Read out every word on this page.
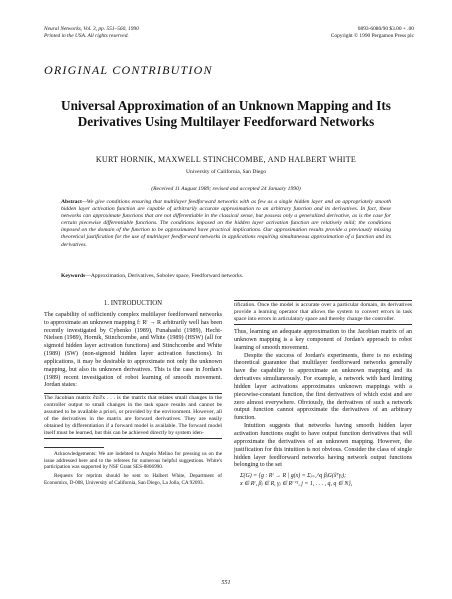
Neural Networks, Vol. 3, pp. 551–560, 1990
Printed in the USA. All rights reserved.
0893-6080/90 $3.00 + .00
Copyright © 1990 Pergamon Press plc
ORIGINAL CONTRIBUTION
Universal Approximation of an Unknown Mapping and Its
Derivatives Using Multilayer Feedforward Networks
KURT HORNIK, MAXWELL STINCHCOMBE, AND HALBERT WHITE
University of California, San Diego
(Received 11 August 1989; revised and accepted 24 January 1990)
Abstract—We give conditions ensuring that multilayer feedforward networks with as few as a single hidden layer and an appropriately smooth hidden layer activation function are capable of arbitrarily accurate approximation to an arbitrary function and its derivatives. In fact, these networks can approximate functions that are not differentiable in the classical sense, but possess only a generalized derivative, as is the case for certain piecewise differentiable functions. The conditions imposed on the hidden layer activation function are relatively mild; the conditions imposed on the domain of the function to be approximated have practical implications. Our approximation results provide a previously missing theoretical justification for the use of multilayer feedforward networks in applications requiring simultaneous approximation of a function and its derivatives.
Keywords—Approximation, Derivatives, Sobolev space, Feedforward networks.
1. INTRODUCTION

The capability of sufficiently complex multilayer feedforward networks to approximate an unknown mapping f: Rʳ → R arbitrarily well has been recently investigated by Cybenko (1989), Funahashi (1989), Hecht-Nielsen (1989), Hornik, Stinchcombe, and White (1989) (HSW) (all for sigmoid hidden layer activation functions) and Stinchcombe and White (1989) (SW) (non-sigmoid hidden layer activation functions). In applications, it may be desirable to approximate not only the unknown mapping, but also its unknown derivatives. This is the case in Jordan's (1989) recent investigation of robot learning of smooth movement. Jordan states:

The Jacobian matrix ∂z/∂x . . . is the matrix that relates small changes in the controller output to small changes in the task space results and cannot be assumed to be available a priori, or provided by the environment. However, all of the derivatives in the matrix are forward derivatives. They are easily obtained by differentiation if a forward model is available. The forward model itself must be learned, but this can be achieved directly by system iden-

Acknowledgements: We are indebted to Angelo Melino for pressing us on the issue addressed here and to the referees for numerous helpful suggestions. White's participation was supported by NSF Grant SES-8806990.

Requests for reprints should be sent to Halbert White, Department of Economics, D-008, University of California, San Diego, La Jolla, CA 92093.

tification. Once the model is accurate over a particular domain, its derivatives provide a learning operator that allows the system to convert errors in task space into errors in articulatory space and thereby change the controller.

Thus, learning an adequate approximation to the Jacobian matrix of an unknown mapping is a key component of Jordan's approach to robot learning of smooth movement.

Despite the success of Jordan's experiments, there is no existing theoretical guarantee that multilayer feedforward networks generally have the capability to approximate an unknown mapping and its derivatives simultaneously. For example, a network with hard limiting hidden layer activations approximates unknown mappings with a piecewise-constant function, the first derivatives of which exist and are zero almost everywhere. Obviously, the derivatives of such a network output function cannot approximate the derivatives of an arbitrary function.

Intuition suggests that networks having smooth hidden layer activation functions ought to have output function derivatives that will approximate the derivatives of an unknown mapping. However, the justification for this intuition is not obvious. Consider the class of single hidden layer feedforward networks having network output functions belonging to the set

Σ(G) = {g : Rʳ → R | g(x) = Σⱼ₌₁^q βⱼG(x̃ᵀγⱼ);
x ∈ Rʳ, βⱼ ∈ R, γⱼ ∈ Rʳ⁺¹, j = 1, . . . , q, q ∈ N},
551
